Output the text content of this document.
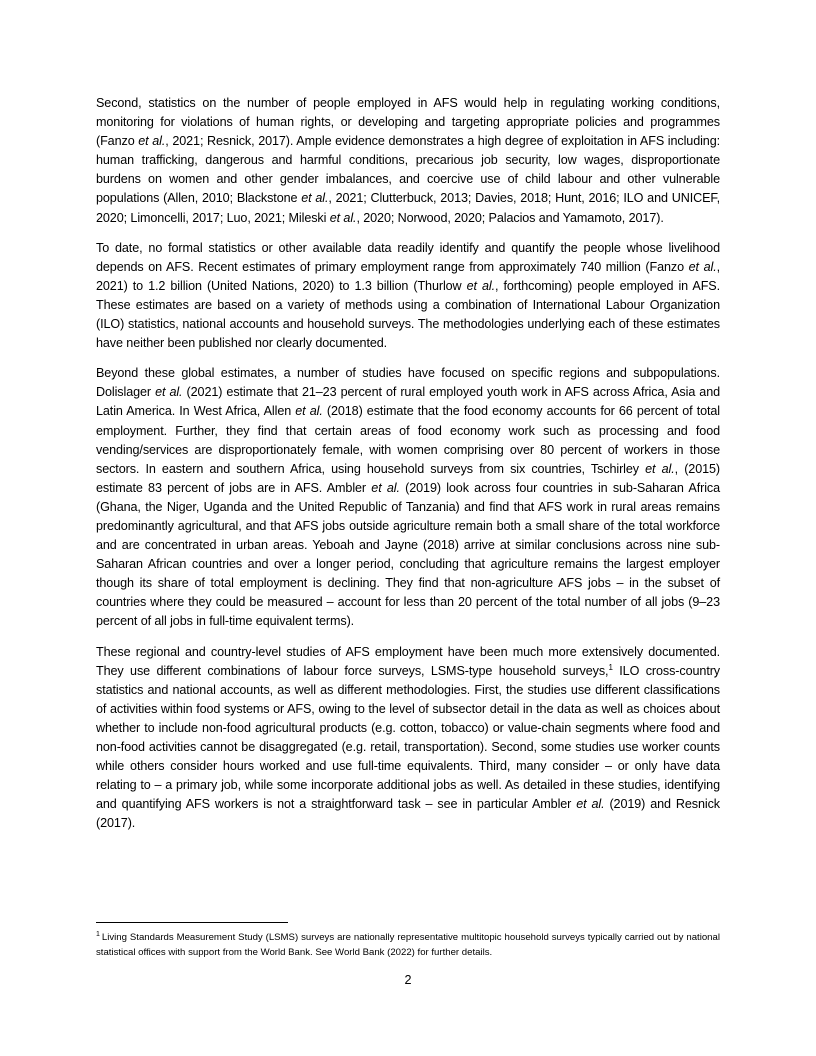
Second, statistics on the number of people employed in AFS would help in regulating working conditions, monitoring for violations of human rights, or developing and targeting appropriate policies and programmes (Fanzo et al., 2021; Resnick, 2017). Ample evidence demonstrates a high degree of exploitation in AFS including: human trafficking, dangerous and harmful conditions, precarious job security, low wages, disproportionate burdens on women and other gender imbalances, and coercive use of child labour and other vulnerable populations (Allen, 2010; Blackstone et al., 2021; Clutterbuck, 2013; Davies, 2018; Hunt, 2016; ILO and UNICEF, 2020; Limoncelli, 2017; Luo, 2021; Mileski et al., 2020; Norwood, 2020; Palacios and Yamamoto, 2017).

To date, no formal statistics or other available data readily identify and quantify the people whose livelihood depends on AFS. Recent estimates of primary employment range from approximately 740 million (Fanzo et al., 2021) to 1.2 billion (United Nations, 2020) to 1.3 billion (Thurlow et al., forthcoming) people employed in AFS. These estimates are based on a variety of methods using a combination of International Labour Organization (ILO) statistics, national accounts and household surveys. The methodologies underlying each of these estimates have neither been published nor clearly documented.

Beyond these global estimates, a number of studies have focused on specific regions and subpopulations. Dolislager et al. (2021) estimate that 21–23 percent of rural employed youth work in AFS across Africa, Asia and Latin America. In West Africa, Allen et al. (2018) estimate that the food economy accounts for 66 percent of total employment. Further, they find that certain areas of food economy work such as processing and food vending/services are disproportionately female, with women comprising over 80 percent of workers in those sectors. In eastern and southern Africa, using household surveys from six countries, Tschirley et al., (2015) estimate 83 percent of jobs are in AFS. Ambler et al. (2019) look across four countries in sub-Saharan Africa (Ghana, the Niger, Uganda and the United Republic of Tanzania) and find that AFS work in rural areas remains predominantly agricultural, and that AFS jobs outside agriculture remain both a small share of the total workforce and are concentrated in urban areas. Yeboah and Jayne (2018) arrive at similar conclusions across nine sub-Saharan African countries and over a longer period, concluding that agriculture remains the largest employer though its share of total employment is declining. They find that non-agriculture AFS jobs – in the subset of countries where they could be measured – account for less than 20 percent of the total number of all jobs (9–23 percent of all jobs in full-time equivalent terms).

These regional and country-level studies of AFS employment have been much more extensively documented. They use different combinations of labour force surveys, LSMS-type household surveys,$^1$ ILO cross-country statistics and national accounts, as well as different methodologies. First, the studies use different classifications of activities within food systems or AFS, owing to the level of subsector detail in the data as well as choices about whether to include non-food agricultural products (e.g. cotton, tobacco) or value-chain segments where food and non-food activities cannot be disaggregated (e.g. retail, transportation). Second, some studies use worker counts while others consider hours worked and use full-time equivalents. Third, many consider – or only have data relating to – a primary job, while some incorporate additional jobs as well. As detailed in these studies, identifying and quantifying AFS workers is not a straightforward task – see in particular Ambler et al. (2019) and Resnick (2017).

$^1$ Living Standards Measurement Study (LSMS) surveys are nationally representative multitopic household surveys typically carried out by national statistical offices with support from the World Bank. See World Bank (2022) for further details.

2
